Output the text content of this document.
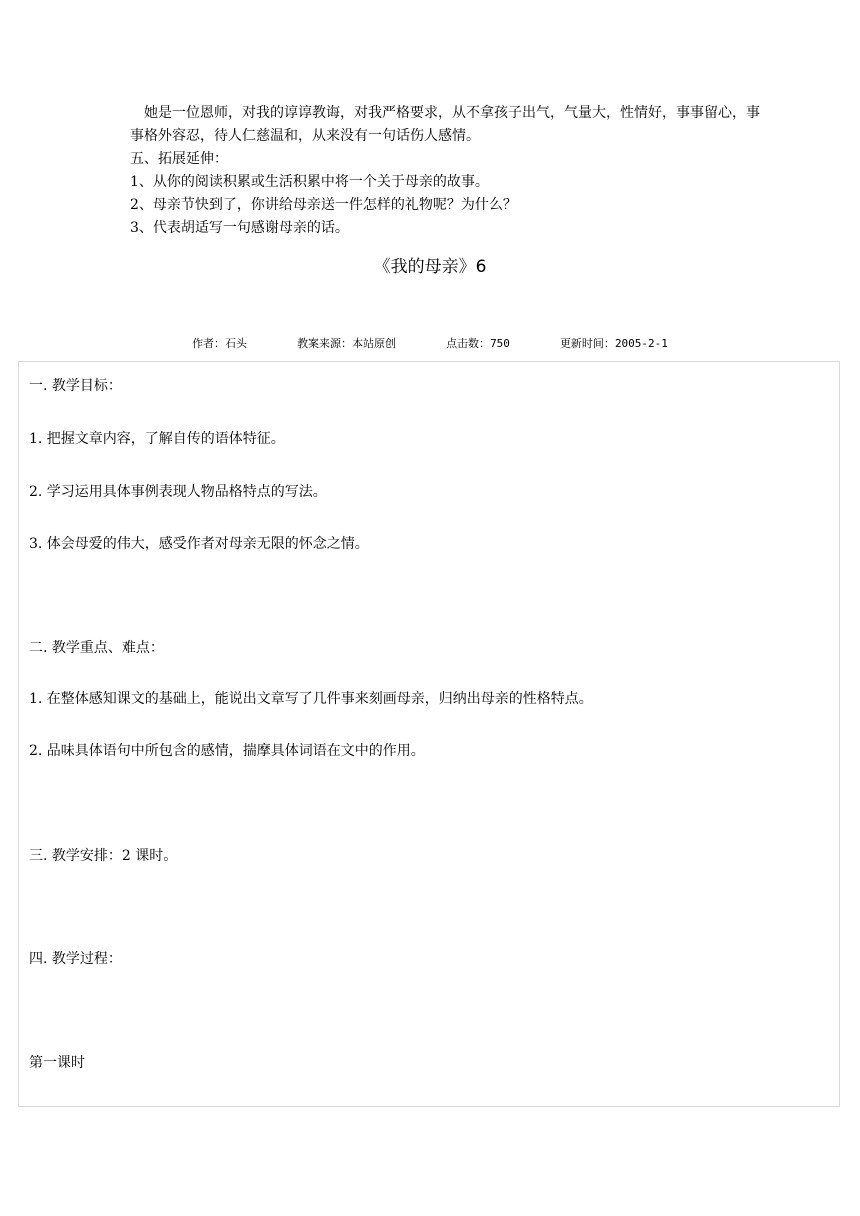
她是一位恩师，对我的谆谆教诲，对我严格要求，从不拿孩子出气，气量大，性情好，事事留心，事事格外容忍，待人仁慈温和，从来没有一句话伤人感情。

五、拓展延伸：

1、从你的阅读积累或生活积累中将一个关于母亲的故事。

2、母亲节快到了，你讲给母亲送一件怎样的礼物呢？为什么？

3、代表胡适写一句感谢母亲的话。

《我的母亲》6
作者：石头	教案来源：本站原创	点击数：750	更新时间：2005-2-1
一. 教学目标：
1. 把握文章内容，了解自传的语体特征。
2. 学习运用具体事例表现人物品格特点的写法。
3. 体会母爱的伟大，感受作者对母亲无限的怀念之情。
二. 教学重点、难点：
1. 在整体感知课文的基础上，能说出文章写了几件事来刻画母亲，归纳出母亲的性格特点。
2. 品味具体语句中所包含的感情，揣摩具体词语在文中的作用。
三. 教学安排：2 课时。
四. 教学过程：
第一课时
